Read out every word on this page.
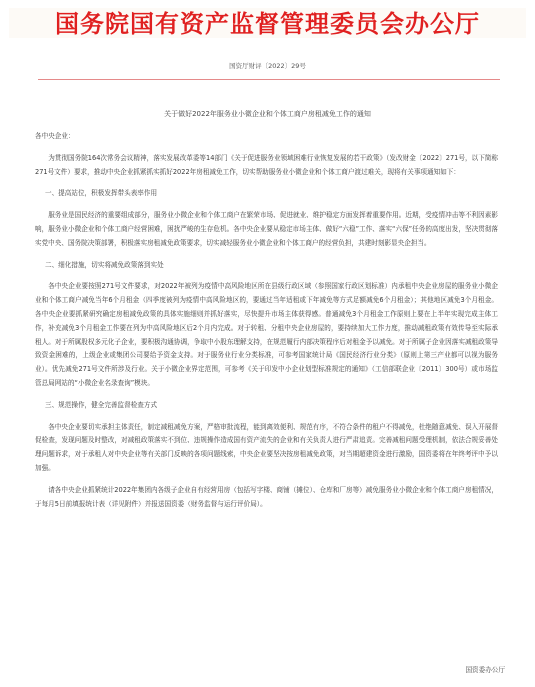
国务院国有资产监督管理委员会办公厅
国资厅财评〔2022〕29号
关于做好2022年服务业小微企业和个体工商户房租减免工作的通知

各中央企业：

为贯彻国务院164次常务会议精神，落实发展改革委等14部门《关于促进服务业领域困难行业恢复发展的若干政策》（发改财金〔2022〕271号，以下简称271号文件）要求，推动中央企业抓紧抓实抓好2022年房租减免工作，切实帮助服务业小微企业和个体工商户渡过难关，现将有关事项通知如下：

一、提高站位，积极发挥带头表率作用

服务业是国民经济的重要组成部分，服务业小微企业和个体工商户在繁荣市场、促进就业、维护稳定方面发挥着重要作用。近期，受疫情冲击等不利因素影响，服务业小微企业和个体工商户经营困难，困扰严峻的生存危机。各中央企业要从稳定市场主体、做好“六稳”工作、落实“六保”任务的高度出发，坚决贯彻落实党中央、国务院决策部署，积极落实房租减免政策要求，切实减轻服务业小微企业和个体工商户的经营负担，共建时刻影显央企担当。

二、细化措施，切实将减免政策落到实处

各中央企业要按照271号文件要求，对2022年被列为疫情中高风险地区所在县级行政区域（参照国家行政区划标准）内承租中央企业房屋的服务业小微企业和个体工商户减免当年6个月租金（四季度被列为疫情中高风险地区的，要通过当年适租或下年减免等方式足额减免6个月租金）；其他地区减免3个月租金。各中央企业要抓紧研究确定房租减免政策的具体实施细则并抓好落实，尽快提升市场主体获得感。普通减免3个月租金工作原则上要在上半年实现完成主体工作，补充减免3个月租金工作要在列为中高风险地区后2个月内完成。对于转租、分租中央企业房屋的，要持续加大工作力度，推动减租政策有效传导至实际承租人。对于所属股权多元化子企业，要积极沟通协调，争取中小股东理解支持，在规范履行内部决策程序后对租金予以减免。对于所属子企业因落实减租政策导致资金困难的，上级企业或集团公司要给予资金支持。对于服务业行业分类标准，可参考国家统计局《国民经济行业分类》（原则上第三产业都可以视为服务业）。优先减免271号文件所涉及行业。关于小微企业界定范围，可参考《关于印发中小企业划型标准规定的通知》（工信部联企业〔2011〕300号）或市场监管总局网站的“小微企业名录查询”模块。

三、规范操作，健全完善监督检查方式

各中央企业要切实承担主体责任，制定减租减免方案，严格审批流程，能到离效便利、规范有序，不符合条件的租户不得减免，杜绝随意减免、误入开展督促检查，发现问题及时整改，对减租政策落实不到位、违规操作造成国有资产流失的企业和有关负责人进行严肃追责。完善减租问题受理机制，依法合规妥善处理问题诉求，对于承租人对中央企业等有关部门反映的各项问题线索，中央企业要坚决按房租减免政策，对当期超建资金进行激励，国资委将在年终考评中予以加强。

请各中央企业抓紧统计2022年集团内各级子企业自有经营用房（包括写字楼、商铺（摊位）、仓库和厂房等）减免服务业小微企业和个体工商户房租情况，于每月5日前填报统计表（详见附件）并报送国资委（财务监督与运行评价局）。

国资委办公厅
